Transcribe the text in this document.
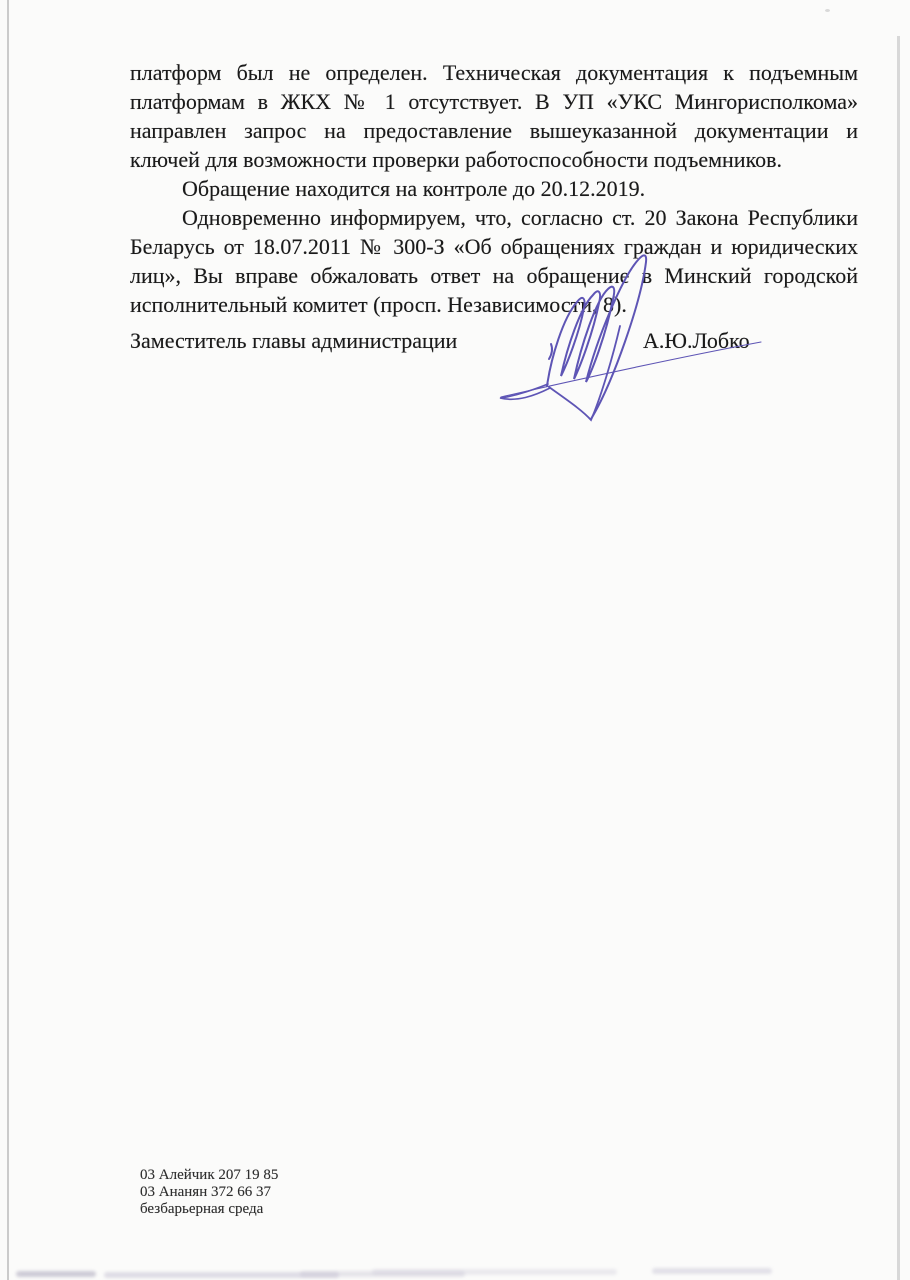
платформ был не определен. Техническая документация к подъемным
платформам в ЖКХ № 1 отсутствует. В УП «УКС Мингорисполкома»
направлен запрос на предоставление вышеуказанной документации и
ключей для возможности проверки работоспособности подъемников.
Обращение находится на контроле до 20.12.2019.
Одновременно информируем, что, согласно ст. 20 Закона Республики
Беларусь от 18.07.2011 № 300-З «Об обращениях граждан и юридических
лиц», Вы вправе обжаловать ответ на обращение в Минский городской
исполнительный комитет (просп. Независимости, 8).
Заместитель главы администрации	А.Ю.Лобко
03 Алейчик 207 19 85
03 Ананян 372 66 37
безбарьерная среда
